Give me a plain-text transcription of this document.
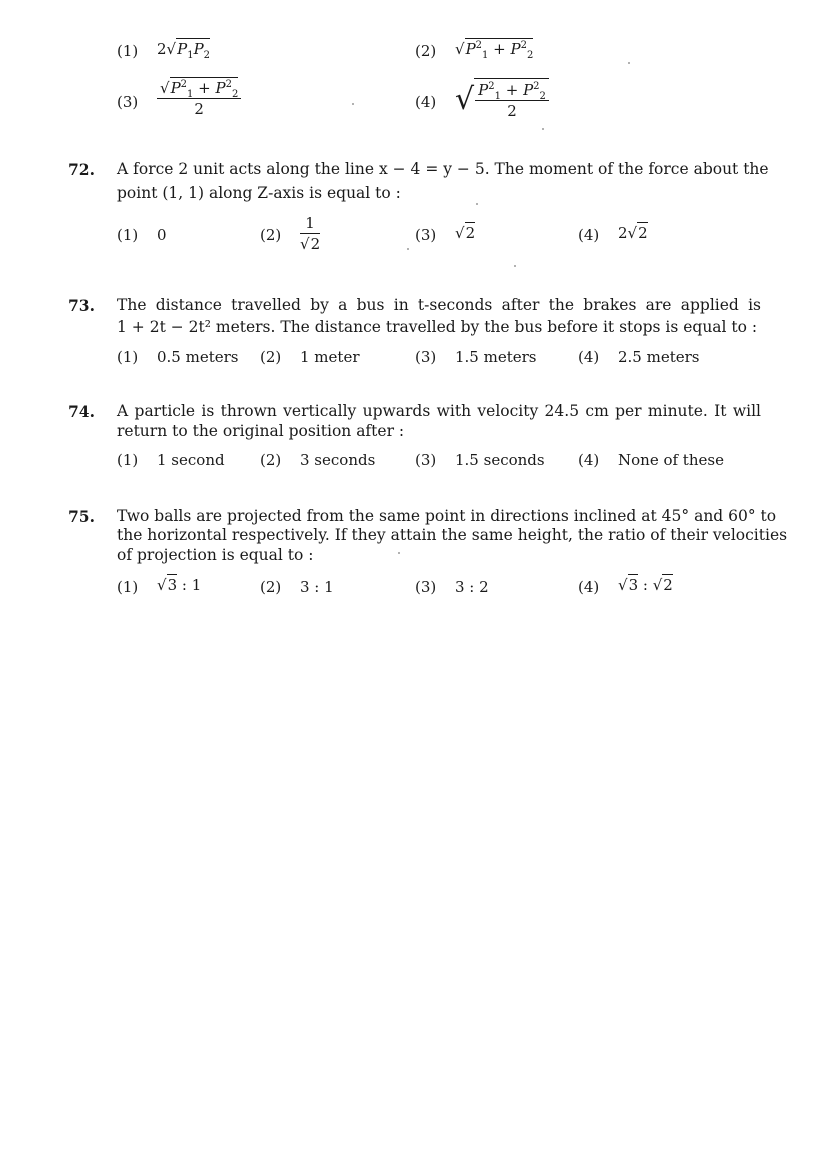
(1) $2√P_1P_2$	(2) $√P^2_1 + P^2_2$
$(3) \frac{√P^2_1 + P^2_2}{2}$	(4) √ $\frac{P^2_1 + P^2_2}{2}$
72. A force 2 unit acts along the line x − 4 = y − 5. The moment of the force about the
point (1, 1) along Z-axis is equal to :
(1) 0	$(2) \frac{1}{√2}$	(3) √2	(4) 2√2
73. The distance travelled by a bus in t-seconds after the brakes are applied is
1 + 2t − 2t² meters. The distance travelled by the bus before it stops is equal to :
(1) 0.5 meters (2) 1 meter	(3) 1.5 meters	(4) 2.5 meters
74. A particle is thrown vertically upwards with velocity 24.5 cm per minute. It will
return to the original position after :
(1) 1 second (2) 3 seconds	(3) 1.5 seconds (4) None of these
75. Two balls are projected from the same point in directions inclined at 45° and 60° to
the horizontal respectively. If they attain the same height, the ratio of their velocities
of projection is equal to :
(1) √3 : 1	(2) 3 : 1	(3) 3 : 2	(4) √3 : √2
